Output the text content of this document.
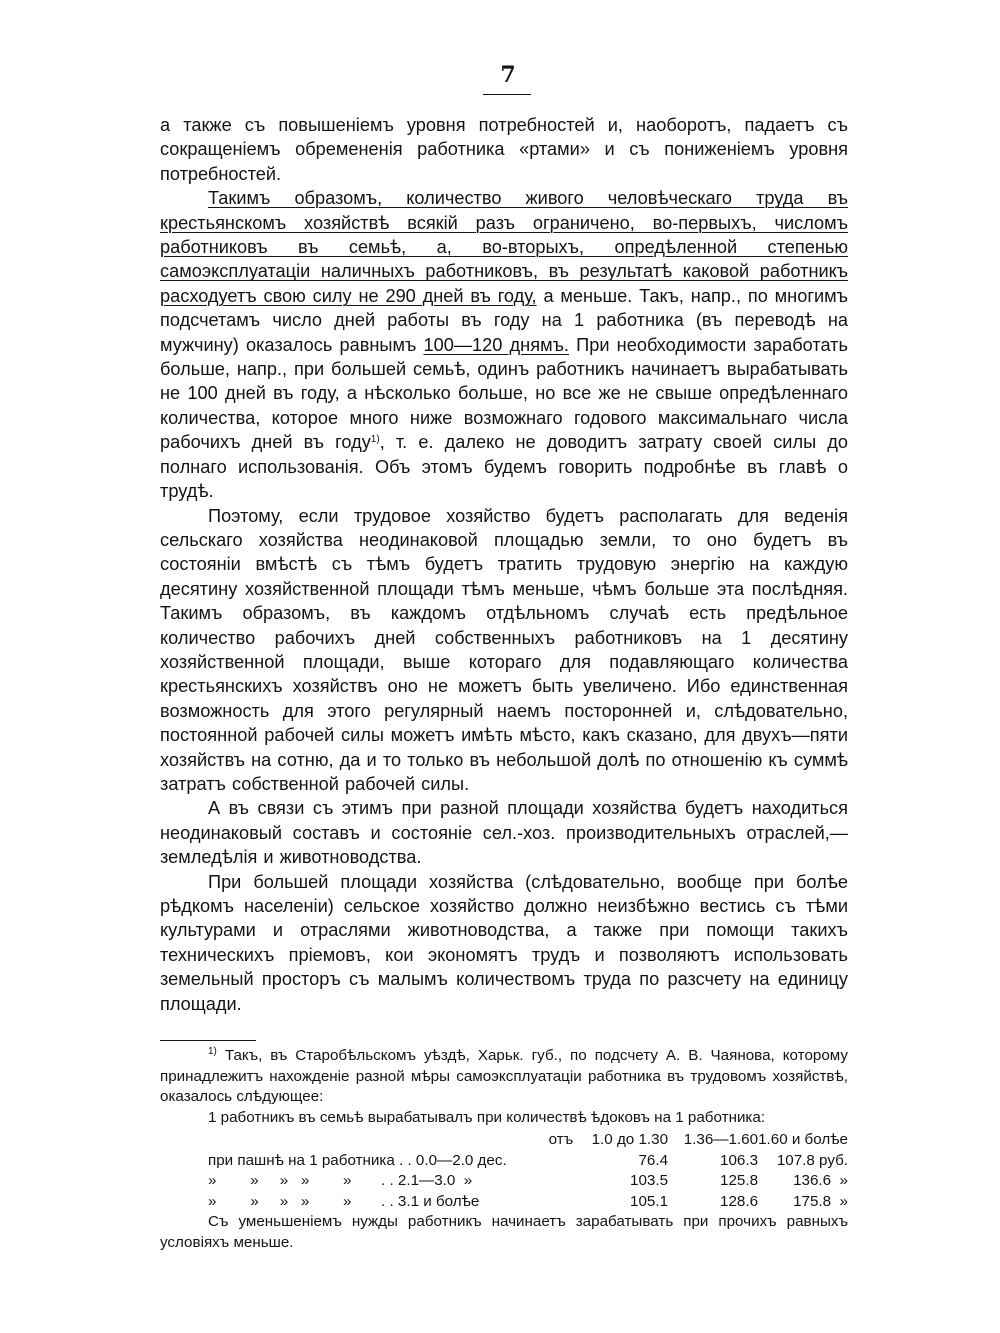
7

а также съ повышеніемъ уровня потребностей и, наоборотъ, падаетъ съ сокращеніемъ обремененія работника «ртами» и съ пониженіемъ уровня потребностей.

Такимъ образомъ, количество живого человѣческаго труда въ крестьянскомъ хозяйствѣ всякій разъ ограничено, во-первыхъ, числомъ работниковъ въ семьѣ, а, во-вторыхъ, опредѣленной степенью самоэксплуатаціи наличныхъ работниковъ, въ результатѣ каковой работникъ расходуетъ свою силу не 290 дней въ году, а меньше. Такъ, напр., по многимъ подсчетамъ число дней работы въ году на 1 работника (въ переводѣ на мужчину) оказалось равнымъ 100—120 днямъ. При необходимости заработать больше, напр., при большей семьѣ, одинъ работникъ начинаетъ вырабатывать не 100 дней въ году, а нѣсколько больше, но все же не свыше опредѣленнаго количества, которое много ниже возможнаго годового максимальнаго числа рабочихъ дней въ году$^{1)}$, т. е. далеко не доводитъ затрату своей силы до полнаго использованія. Объ этомъ будемъ говорить подробнѣе въ главѣ о трудѣ.

Поэтому, если трудовое хозяйство будетъ располагать для веденія сельскаго хозяйства неодинаковой площадью земли, то оно будетъ въ состояніи вмѣстѣ съ тѣмъ будетъ тратить трудовую энергію на каждую десятину хозяйственной площади тѣмъ меньше, чѣмъ больше эта послѣдняя. Такимъ образомъ, въ каждомъ отдѣльномъ случаѣ есть предѣльное количество рабочихъ дней собственныхъ работниковъ на 1 десятину хозяйственной площади, выше котораго для подавляющаго количества крестьянскихъ хозяйствъ оно не можетъ быть увеличено. Ибо единственная возможность для этого регулярный наемъ посторонней и, слѣдовательно, постоянной рабочей силы можетъ имѣть мѣсто, какъ сказано, для двухъ—пяти хозяйствъ на сотню, да и то только въ небольшой долѣ по отношенію къ суммѣ затратъ собственной рабочей силы.

А въ связи съ этимъ при разной площади хозяйства будетъ находиться неодинаковый составъ и состояніе сел.-хоз. производительныхъ отраслей,— земледѣлія и животноводства.

При большей площади хозяйства (слѣдовательно, вообще при болѣе рѣдкомъ населеніи) сельское хозяйство должно неизбѣжно вестись съ тѣми культурами и отраслями животноводства, а также при помощи такихъ техническихъ пріемовъ, кои экономятъ трудъ и позволяютъ использовать земельный просторъ съ малымъ количествомъ труда по разсчету на единицу площади.

$^{1)}$ Такъ, въ Старобѣльскомъ уѣздѣ, Харьк. губ., по подсчету А. В. Чаянова, которому принадлежитъ нахожденіе разной мѣры самоэксплуатаціи работника въ трудовомъ хозяйствѣ, оказалось слѣдующее:

1 работникъ въ семьѣ вырабатывалъ при количествѣ ѣдоковъ на 1 работника:

отъ	1.0 до 1.30	1.36—1.60	1.60 и болѣе
при пашнѣ на 1 работника . . 0.0—2.0 дес.	76.4	106.3	107.8 руб.
»        »     »   »        »       . . 2.1—3.0  »	103.5	125.8	136.6  »
»        »     »   »        »       . . 3.1 и болѣе	105.1	128.6	175.8  »

Съ уменьшеніемъ нужды работникъ начинаетъ зарабатывать при прочихъ равныхъ условіяхъ меньше.
